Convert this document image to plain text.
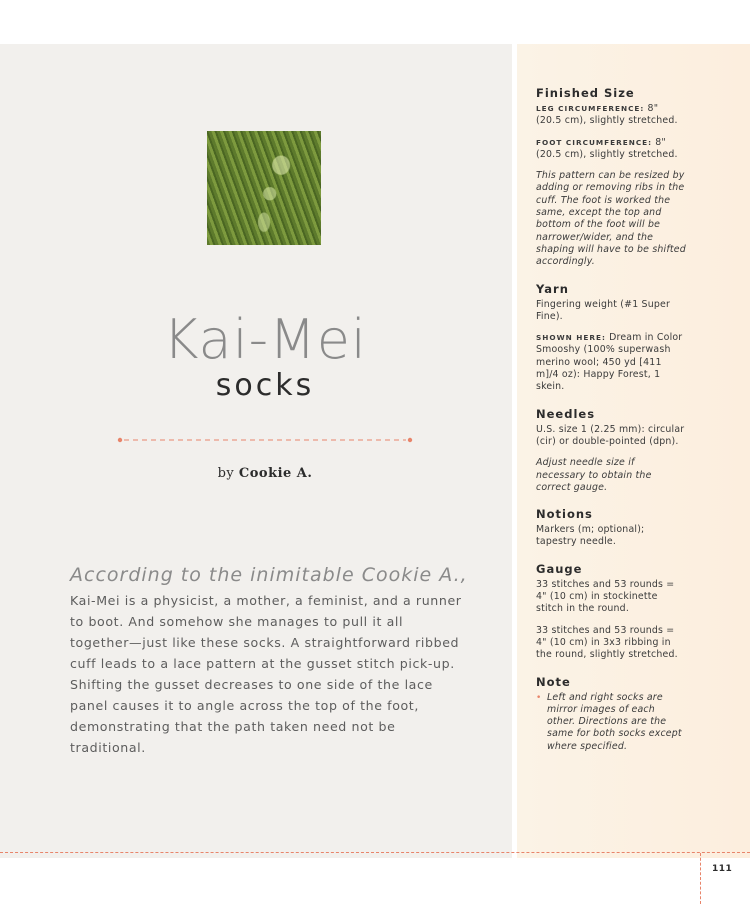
Kai-Mei
socks
by Cookie A.
According to the inimitable Cookie A.,
Kai-Mei is a physicist, a mother, a feminist, and a runner to boot. And somehow she manages to pull it all together—just like these socks. A straightforward ribbed cuff leads to a lace pattern at the gusset stitch pick-up. Shifting the gusset decreases to one side of the lace panel causes it to angle across the top of the foot, demonstrating that the path taken need not be traditional.
Finished Size

LEG CIRCUMFERENCE: 8" (20.5 cm), slightly stretched.

FOOT CIRCUMFERENCE: 8" (20.5 cm), slightly stretched.

This pattern can be resized by adding or removing ribs in the cuff. The foot is worked the same, except the top and bottom of the foot will be narrower/wider, and the shaping will have to be shifted accordingly.

Yarn

Fingering weight (#1 Super Fine).

SHOWN HERE: Dream in Color Smooshy (100% superwash merino wool; 450 yd [411 m]/4 oz): Happy Forest, 1 skein.

Needles

U.S. size 1 (2.25 mm): circular (cir) or double-pointed (dpn).

Adjust needle size if necessary to obtain the correct gauge.

Notions

Markers (m; optional); tapestry needle.

Gauge

33 stitches and 53 rounds = 4" (10 cm) in stockinette stitch in the round.

33 stitches and 53 rounds = 4" (10 cm) in 3x3 ribbing in the round, slightly stretched.

Note
• Left and right socks are mirror images of each other. Directions are the same for both socks except where specified.

111
